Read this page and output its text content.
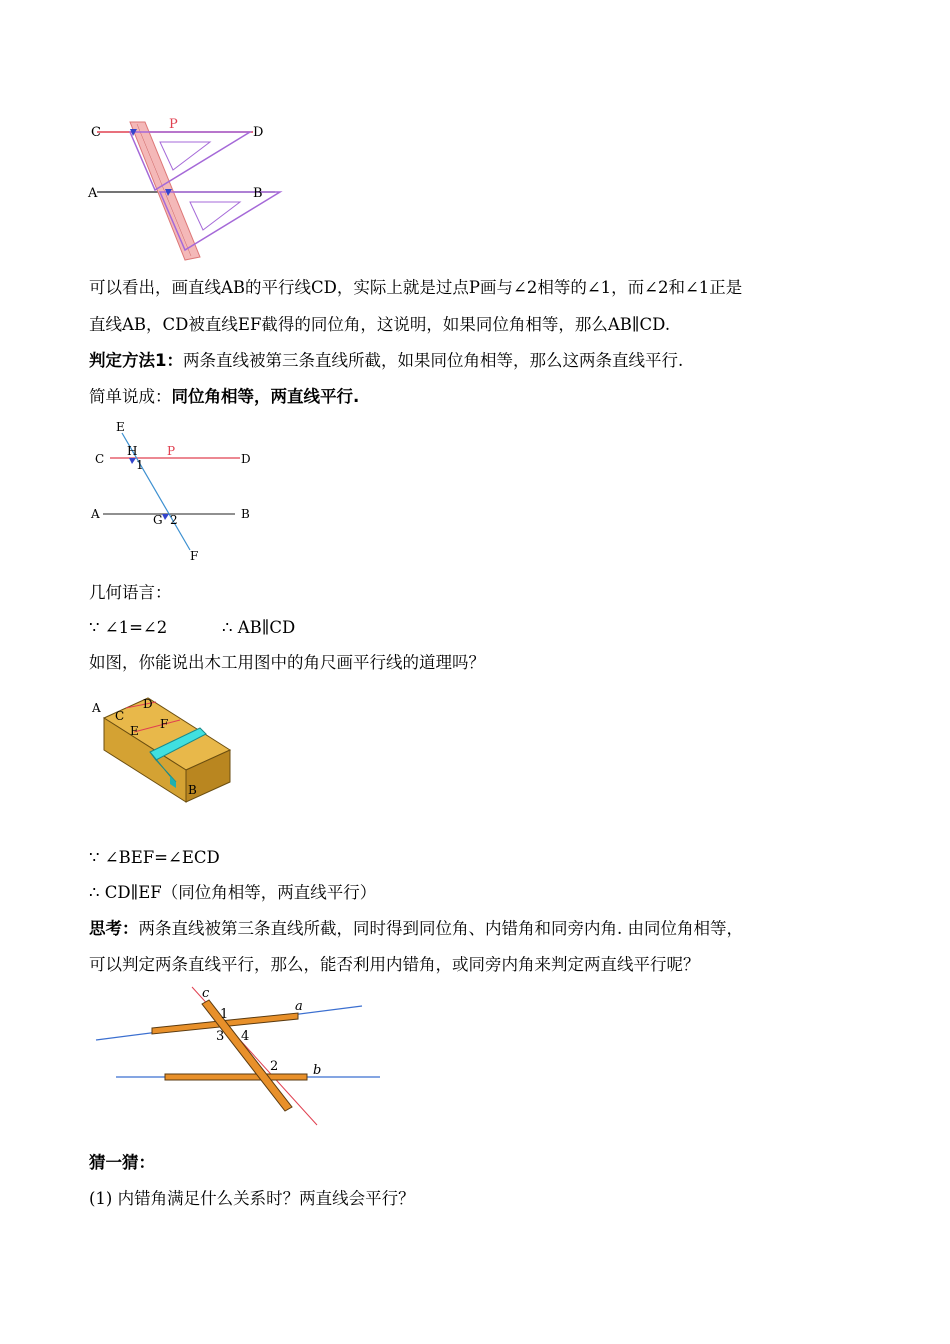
C	D
P
A	B
可以看出，画直线AB的平行线CD，实际上就是过点P画与∠2相等的∠1，而∠2和∠1正是
直线AB，CD被直线EF截得的同位角，这说明，如果同位角相等，那么AB∥CD.
判定方法1：两条直线被第三条直线所截，如果同位角相等，那么这两条直线平行.
简单说成：同位角相等，两直线平行.
E
C
H P
D
1
A	G 2	B
F
几何语言：
∵ ∠1=∠2	∴ AB∥CD
如图，你能说出木工用图中的角尺画平行线的道理吗？
A
C
D
E F
B
∵ ∠BEF=∠ECD
∴ CD∥EF（同位角相等，两直线平行）
思考：两条直线被第三条直线所截，同时得到同位角、内错角和同旁内角. 由同位角相等，
可以判定两条直线平行，那么，能否利用内错角，或同旁内角来判定两直线平行呢？
c
a
1
3 4
2	b
猜一猜：
(1) 内错角满足什么关系时？两直线会平行？
